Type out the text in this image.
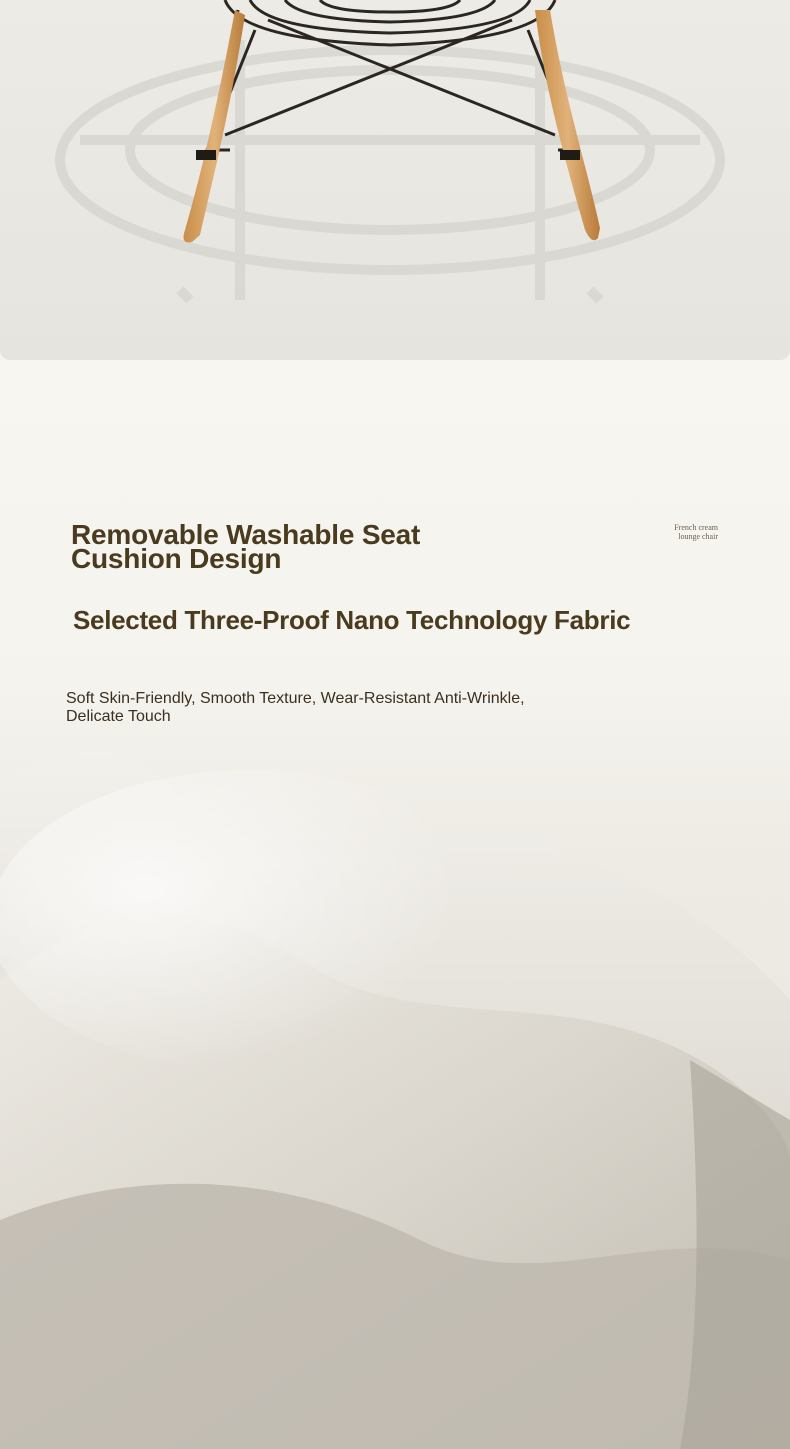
Removable Washable Seat
Cushion Design
Selected Three-Proof Nano Technology Fabric

Soft Skin-Friendly, Smooth Texture, Wear-Resistant Anti-Wrinkle,
Delicate Touch

French cream
lounge chair
